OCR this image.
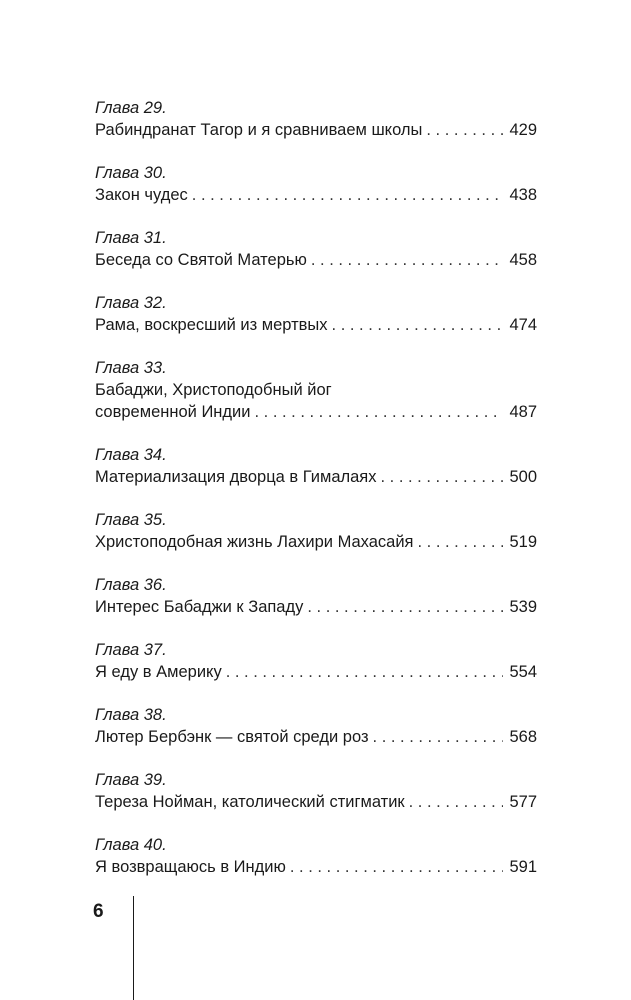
Глава 29.
Рабиндранат Тагор и я сравниваем школы . . .	429
Глава 30.
Закон чудес . . .	438
Глава 31.
Беседа со Святой Матерью . . .	458
Глава 32.
Рама, воскресший из мертвых . . .	474
Глава 33.
Бабаджи, Христоподобный йог
современной Индии . . .	487
Глава 34.
Материализация дворца в Гималаях . . .	500
Глава 35.
Христоподобная жизнь Лахири Махасайя . . .	519
Глава 36.
Интерес Бабаджи к Западу . . .	539
Глава 37.
Я еду в Америку . . .	554
Глава 38.
Лютер Бербэнк — святой среди роз . . .	568
Глава 39.
Тереза Нойман, католический стигматик . . .	577
Глава 40.
Я возвращаюсь в Индию . . .	591
6
